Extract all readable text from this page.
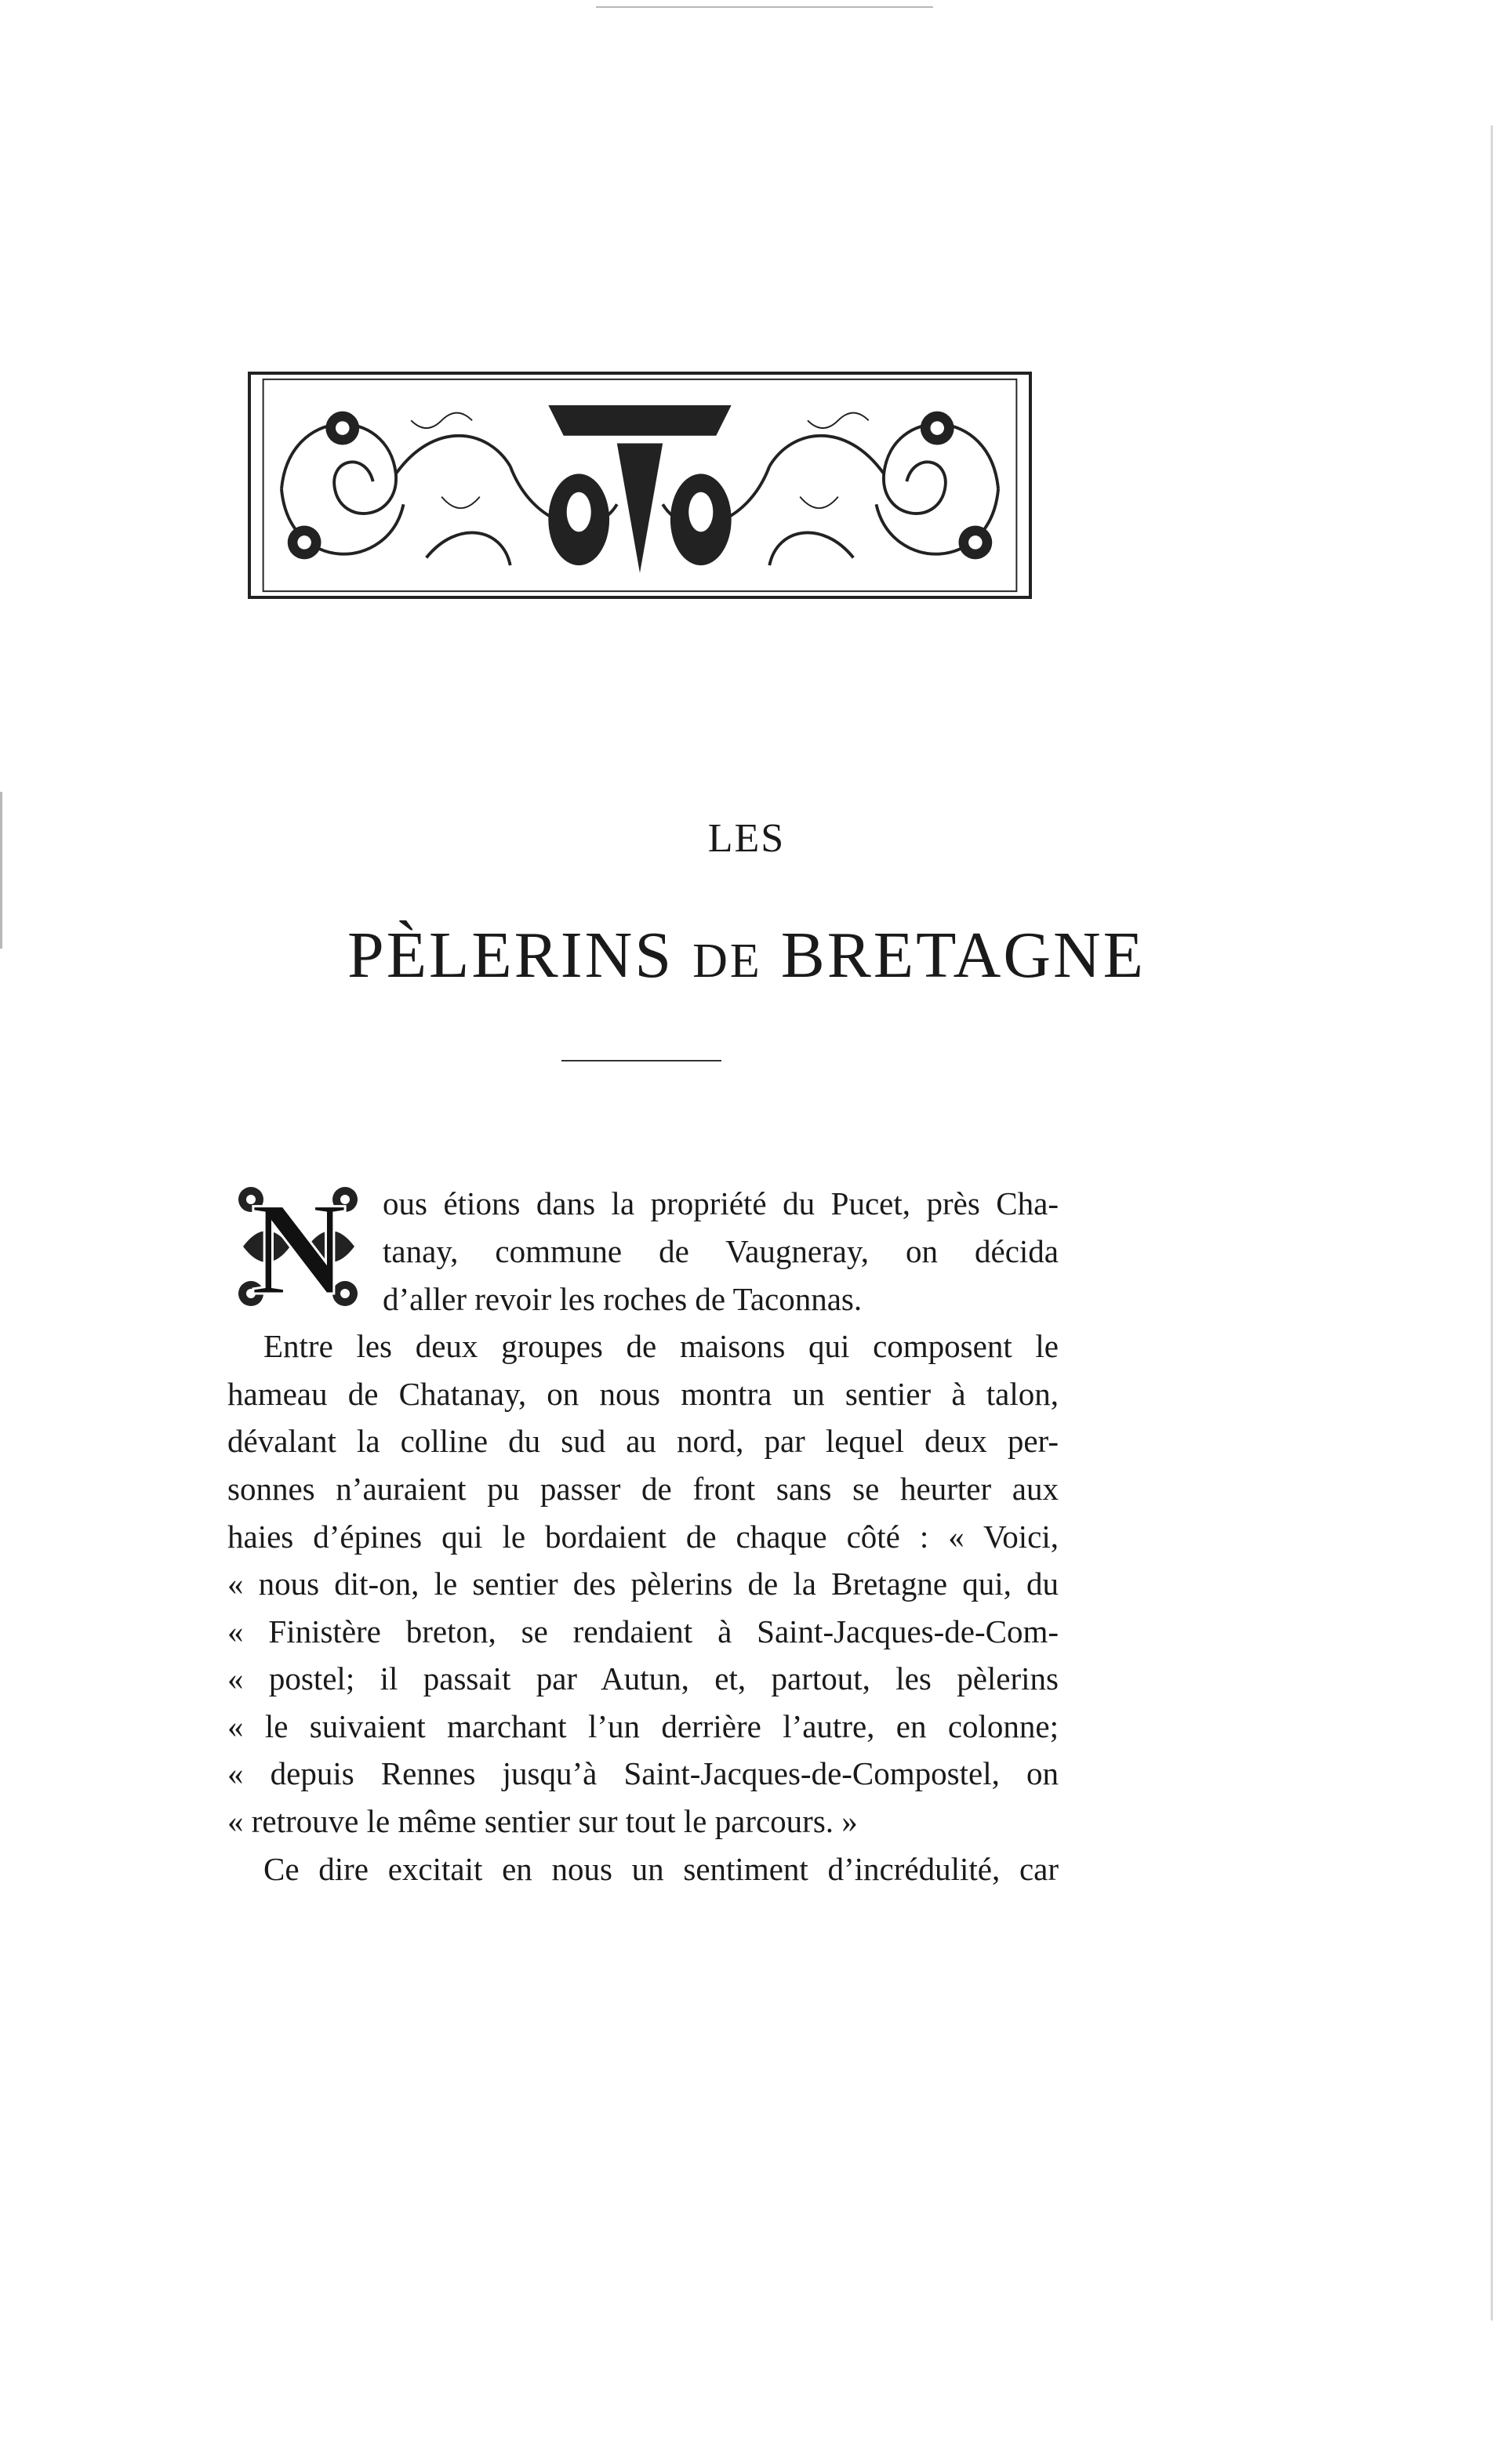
LES
PÈLERINS DE BRETAGNE
N ous étions dans la propriété du Pucet, près Cha-
tanay, commune de Vaugneray, on décida
d’aller revoir les roches de Taconnas.
Entre les deux groupes de maisons qui composent le
hameau de Chatanay, on nous montra un sentier à talon,
dévalant la colline du sud au nord, par lequel deux per-
sonnes n’auraient pu passer de front sans se heurter aux
haies d’épines qui le bordaient de chaque côté : « Voici,
« nous dit-on, le sentier des pèlerins de la Bretagne qui, du
« Finistère breton, se rendaient à Saint-Jacques-de-Com-
« postel; il passait par Autun, et, partout, les pèlerins
« le suivaient marchant l’un derrière l’autre, en colonne;
« depuis Rennes jusqu’à Saint-Jacques-de-Compostel, on
« retrouve le même sentier sur tout le parcours. »
Ce dire excitait en nous un sentiment d’incrédulité, car
